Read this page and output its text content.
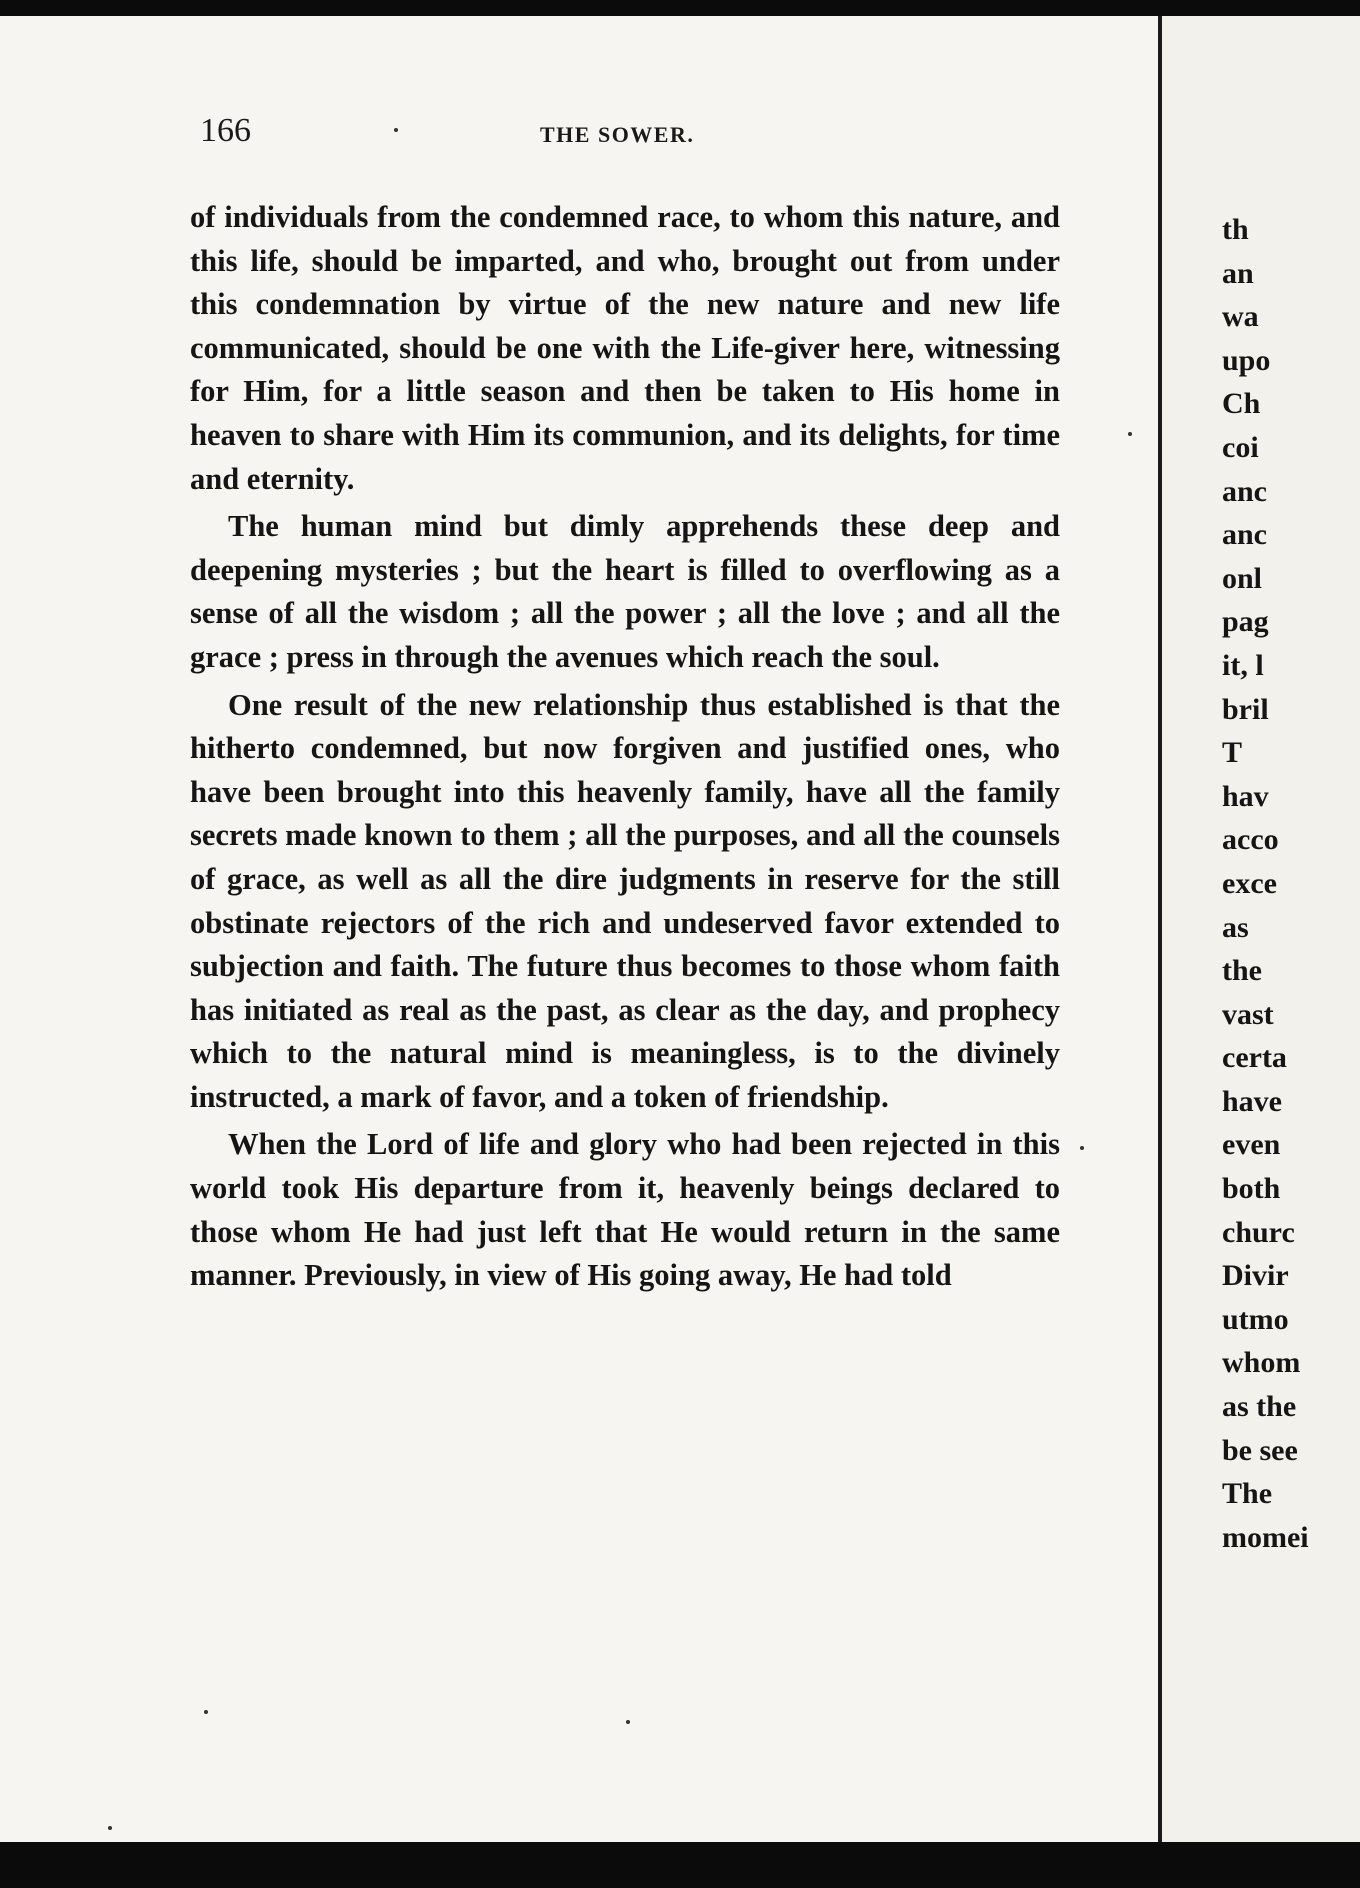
166	THE SOWER.

of individuals from the condemned race, to whom this nature, and this life, should be imparted, and who, brought out from under this condemnation by virtue of the new nature and new life communicated, should be one with the Life-giver here, witnessing for Him, for a little season and then be taken to His home in heaven to share with Him its communion, and its delights, for time and eternity.

The human mind but dimly apprehends these deep and deepening mysteries ; but the heart is filled to overflowing as a sense of all the wisdom ; all the power ; all the love ; and all the grace ; press in through the avenues which reach the soul.

One result of the new relationship thus established is that the hitherto condemned, but now forgiven and justified ones, who have been brought into this heavenly family, have all the family secrets made known to them ; all the purposes, and all the counsels of grace, as well as all the dire judgments in reserve for the still obstinate rejectors of the rich and undeserved favor extended to subjection and faith. The future thus becomes to those whom faith has initiated as real as the past, as clear as the day, and prophecy which to the natural mind is meaningless, is to the divinely instructed, a mark of favor, and a token of friendship.

When the Lord of life and glory who had been rejected in this world took His departure from it, heavenly beings declared to those whom He had just left that He would return in the same manner. Previously, in view of His going away, He had told

th
an
wa
upo
Ch
coi
anc
anc
onl
pag
it, l
bril
T
hav
acco
exce
as
the
vast
certa
have
even
both
churc
Divir
utmo
whom
as the
be see
The
momei
